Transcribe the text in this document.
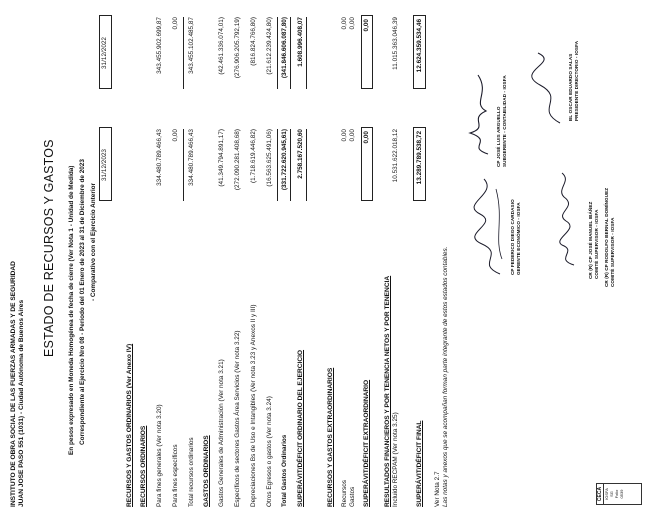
INSTITUTO DE OBRA SOCIAL DE LAS FUERZAS ARMADAS Y DE SEGURIDAD JUAN JOSE PASO 551 (1031) - Ciudad Autónoma de Buenos Aires
ESTADO DE RECURSOS Y GASTOS En pesos expresado en Moneda Homogénea de fecha de cierre (Ver Nota 1 - Unidad de Medida) Correspondiente al Ejercicio Nro 08 - Período del 01 Enero de 2023 al 31 de Diciembre de 2023 - Comparativo con el Ejercicio Anterior
31/12/2023
31/12/2022
RECURSOS Y GASTOS ORDINARIOS (Ver Anexo IV) RECURSOS ORDINARIOS Para fines generales (Ver nota 3.20)
334.480.789.466,43
343.455.902.699,87
Para fines específicos
0,00
0,00
Total recursos ordinarios
334.480.789.466,43
343.455.102.485,87
GASTOS ORDINARIOS Gastos Generales de Administración (Ver nota 3.21)
(41.349.794.891,17)
(42.461.336.074,01)
Específicos de sectores Gastos Área Servicios (Ver nota 3.22)
(272.090.281.408,68)
(276.906.205.792,19)
Depreciaciones Bs de Uso e Intangibles (Ver nota 3.23 y Anexos II y III)
(1.718.619.446,82)
(816.824.766,80)
Otros Egresos o gastos (Ver nota 3.24)
(16.563.625.491,06)
(21.612.239.424,80)
Total Gastos Ordinarios
(331.722.620.945,61)
(341.846.606.087,80)
SUPERÁVIT/DÉFICIT ORDINARIO DEL EJERCICIO
2.758.167.520,60
1.608.996.408,07
RECURSOS Y GASTOS EXTRAORDINARIOS Recursos
0,00
0,00
Gastos
0,00
0,00
SUPERÁVIT/DÉFICIT EXTRAORDINARIO
0,00
0,00
RESULTADOS FINANCIEROS Y POR TENENCIA NETOS Y POR TENENCIA Incluido RECPAM (Ver nota 3.25)
10.531.622.018,12
11.015.363.046,39
SUPERÁVIT/DÉFICIT FINAL
13.289.789.538,72
12.624.359.534,46
Ver Nota 2.7 Las notas y anexos que se acompañan forman parte integrante de estos estados contables.	CECA IOSFA SG Folio 0539
CP FEDERICO DIEGO CARDASIO GERENTE ECONÓMICO - IOSFA
CP JOSÉ LUIS ARGUELLO SUBGERENTE - CONTABILIDAD - IOSFA
CR (R) CP JOSÉ MANUEL IBÁÑEZ COMITÉ SUPERVISOR - IOSFA CR (R) CP RODOLFO BERNAL DOMÍNGUEZ COMITÉ SUPERVISOR - IOSFA
BL OSCAR EDUARDO SALAS PRESIDENTE DIRECTORIO - IOSFA
